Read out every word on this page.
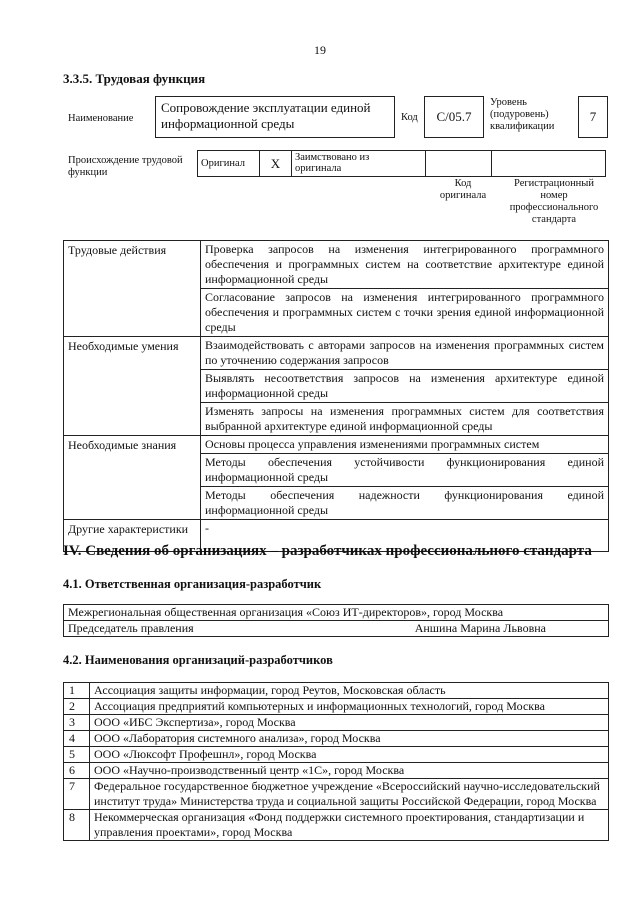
19
3.3.5. Трудовая функция
Наименование
Сопровождение эксплуатации единой информационной среды	Код C/05.7
Уровень
(подуровень)
квалификации
7
Происхождение трудовой
функции
Оригинал	X	Заимствовано из
оригинала

Код
оригинала
Регистрационный
номер
профессионального
стандарта
Трудовые действия	Проверка запросов на изменения интегрированного программного обеспечения и программных систем на соответствие архитектуре единой информационной среды
	Согласование запросов на изменения интегрированного программного обеспечения и программных систем с точки зрения единой информационной среды
Необходимые умения	Взаимодействовать с авторами запросов на изменения программных систем по уточнению содержания запросов
	Выявлять несоответствия запросов на изменения архитектуре единой информационной среды
	Изменять запросы на изменения программных систем для соответствия выбранной архитектуре единой информационной среды
Необходимые знания	Основы процесса управления изменениями программных систем
	Методы обеспечения устойчивости функционирования единой информационной среды
	Методы обеспечения надежности функционирования единой информационной среды
Другие характеристики	-
IV. Сведения об организациях – разработчиках профессионального стандарта
4.1. Ответственная организация-разработчик
Межрегиональная общественная организация «Союз ИТ-директоров», город Москва

Председатель правления	Аншина Марина Львовна
4.2. Наименования организаций-разработчиков
1	Ассоциация защиты информации, город Реутов, Московская область
2	Ассоциация предприятий компьютерных и информационных технологий, город Москва
3	ООО «ИБС Экспертиза», город Москва
4	ООО «Лаборатория системного анализа», город Москва
5	ООО «Люксофт Профешнл», город Москва
6	ООО «Научно-производственный центр «1С», город Москва
7	Федеральное государственное бюджетное учреждение «Всероссийский научно-исследовательский институт труда» Министерства труда и социальной защиты Российской Федерации, город Москва
8	Некоммерческая организация «Фонд поддержки системного проектирования, стандартизации и управления проектами», город Москва
